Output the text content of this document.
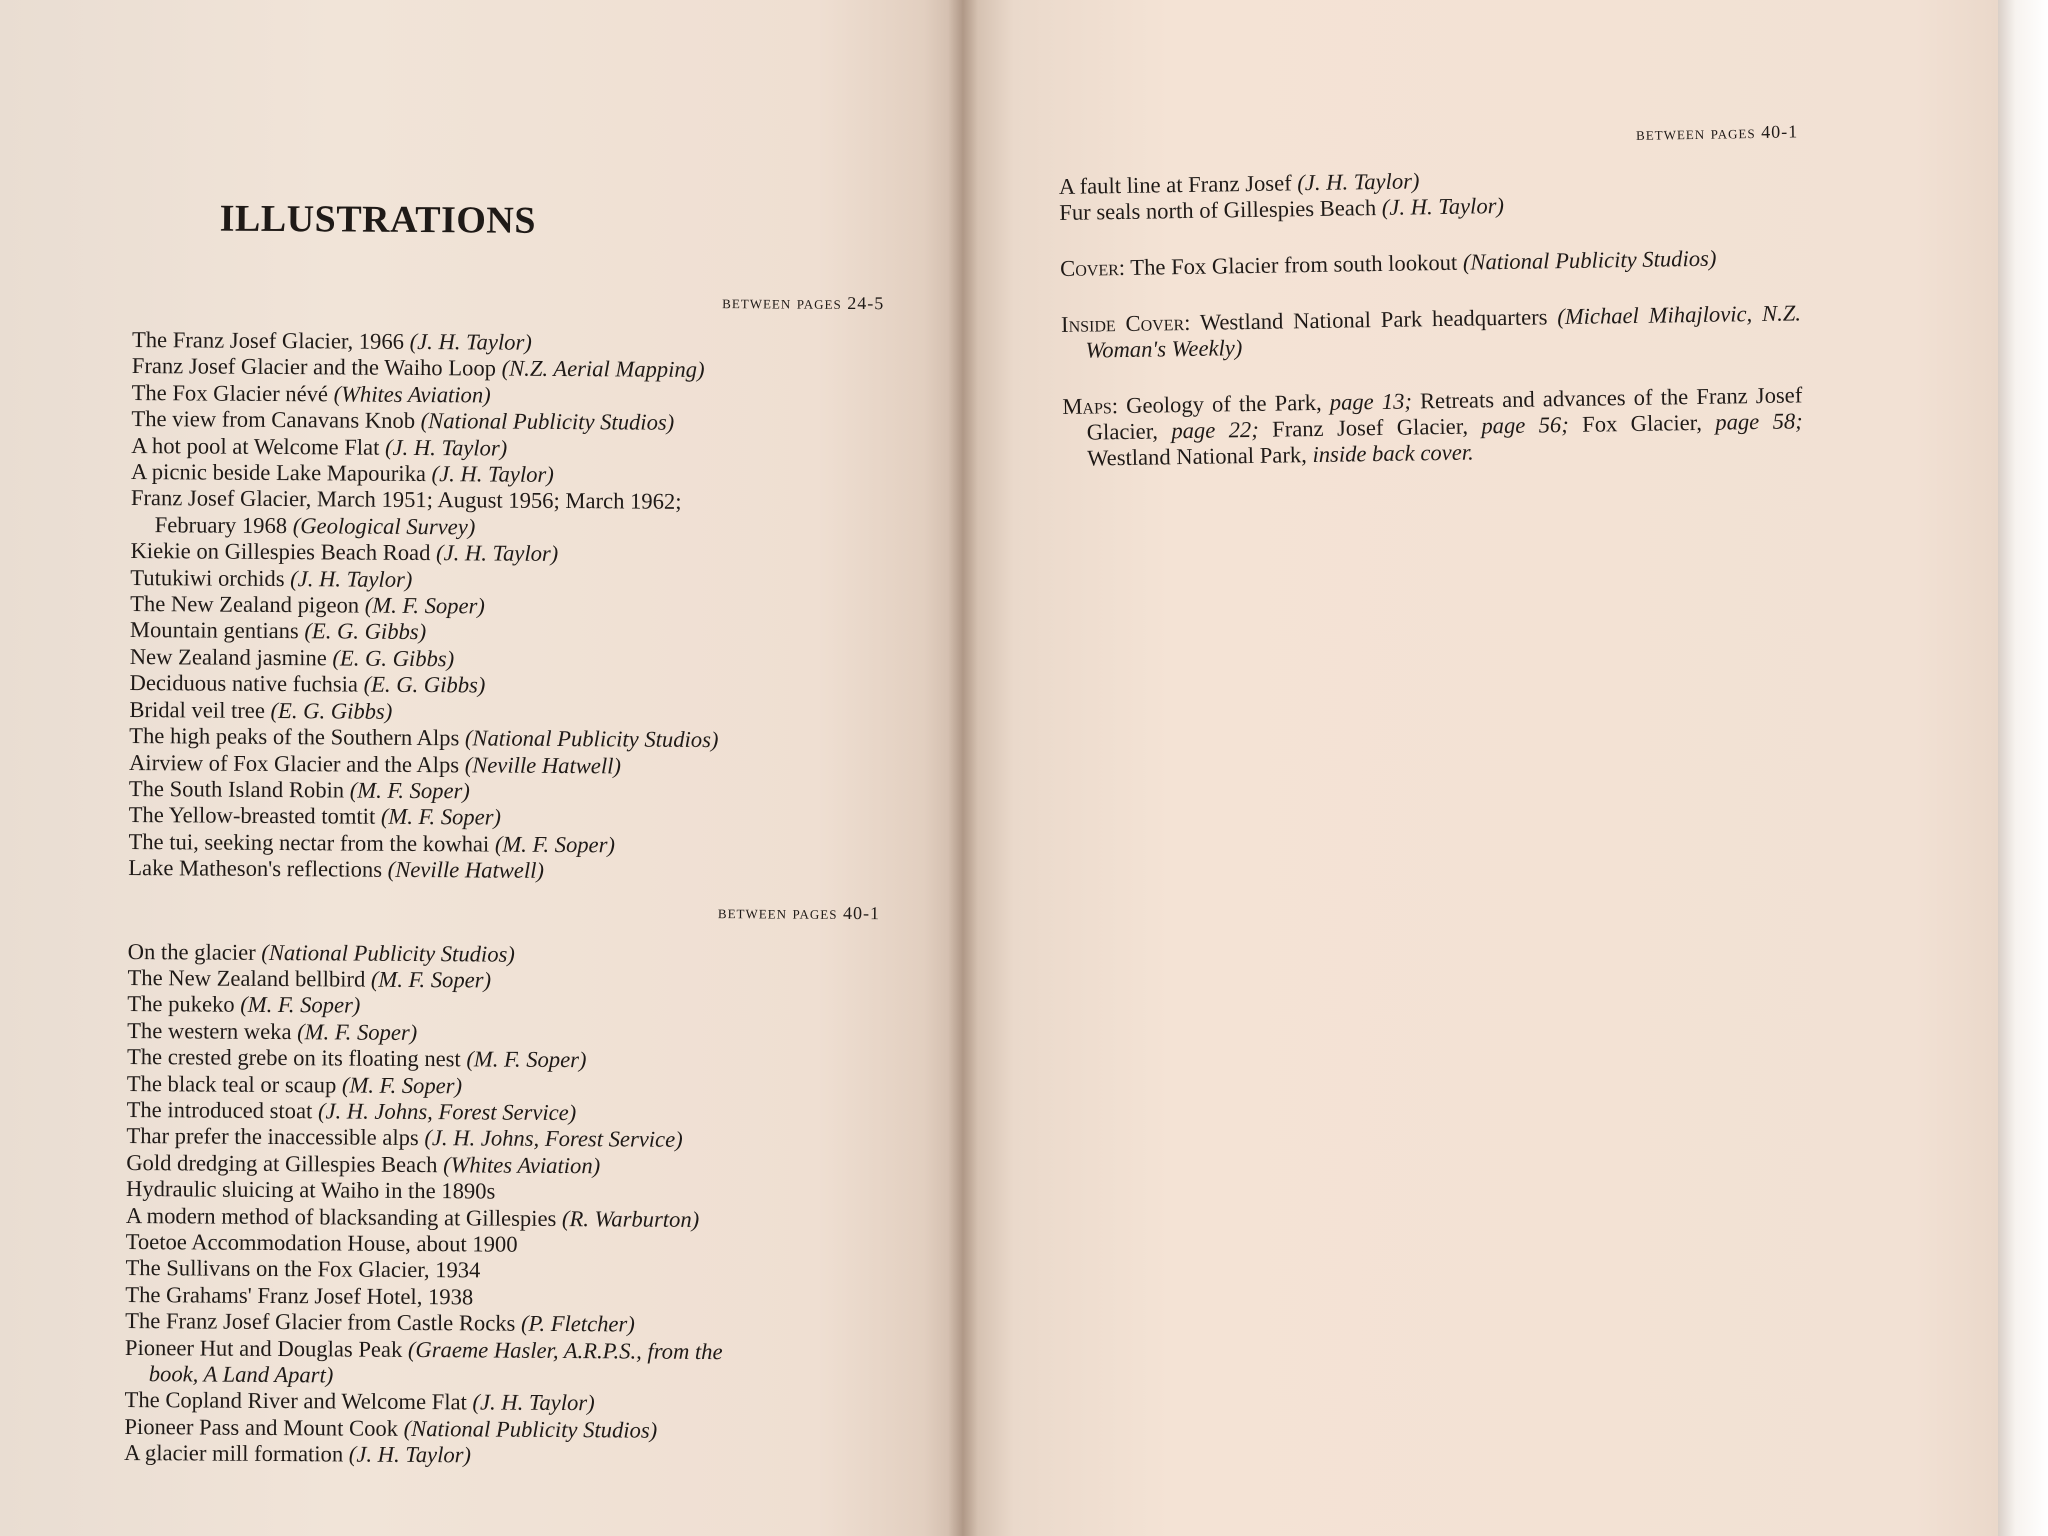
ILLUSTRATIONS

between pages 24-5

The Franz Josef Glacier, 1966 (J. H. Taylor)
Franz Josef Glacier and the Waiho Loop (N.Z. Aerial Mapping)
The Fox Glacier névé (Whites Aviation)
The view from Canavans Knob (National Publicity Studios)
A hot pool at Welcome Flat (J. H. Taylor)
A picnic beside Lake Mapourika (J. H. Taylor)
Franz Josef Glacier, March 1951; August 1956; March 1962;
February 1968 (Geological Survey)
Kiekie on Gillespies Beach Road (J. H. Taylor)
Tutukiwi orchids (J. H. Taylor)
The New Zealand pigeon (M. F. Soper)
Mountain gentians (E. G. Gibbs)
New Zealand jasmine (E. G. Gibbs)
Deciduous native fuchsia (E. G. Gibbs)
Bridal veil tree (E. G. Gibbs)
The high peaks of the Southern Alps (National Publicity Studios)
Airview of Fox Glacier and the Alps (Neville Hatwell)
The South Island Robin (M. F. Soper)
The Yellow-breasted tomtit (M. F. Soper)
The tui, seeking nectar from the kowhai (M. F. Soper)
Lake Matheson's reflections (Neville Hatwell)

between pages 40-1

On the glacier (National Publicity Studios)
The New Zealand bellbird (M. F. Soper)
The pukeko (M. F. Soper)
The western weka (M. F. Soper)
The crested grebe on its floating nest (M. F. Soper)
The black teal or scaup (M. F. Soper)
The introduced stoat (J. H. Johns, Forest Service)
Thar prefer the inaccessible alps (J. H. Johns, Forest Service)
Gold dredging at Gillespies Beach (Whites Aviation)
Hydraulic sluicing at Waiho in the 1890s
A modern method of blacksanding at Gillespies (R. Warburton)
Toetoe Accommodation House, about 1900
The Sullivans on the Fox Glacier, 1934
The Grahams' Franz Josef Hotel, 1938
The Franz Josef Glacier from Castle Rocks (P. Fletcher)
Pioneer Hut and Douglas Peak (Graeme Hasler, A.R.P.S., from the
book, A Land Apart)
The Copland River and Welcome Flat (J. H. Taylor)
Pioneer Pass and Mount Cook (National Publicity Studios)
A glacier mill formation (J. H. Taylor)

between pages 40-1

A fault line at Franz Josef (J. H. Taylor)

Fur seals north of Gillespies Beach (J. H. Taylor)

Cover: The Fox Glacier from south lookout (National Publicity Studios)

Inside Cover: Westland National Park headquarters (Michael Mihajlovic, N.Z. Woman's Weekly)

Maps: Geology of the Park, page 13; Retreats and advances of the Franz Josef Glacier, page 22; Franz Josef Glacier, page 56; Fox Glacier, page 58; Westland National Park, inside back cover.
